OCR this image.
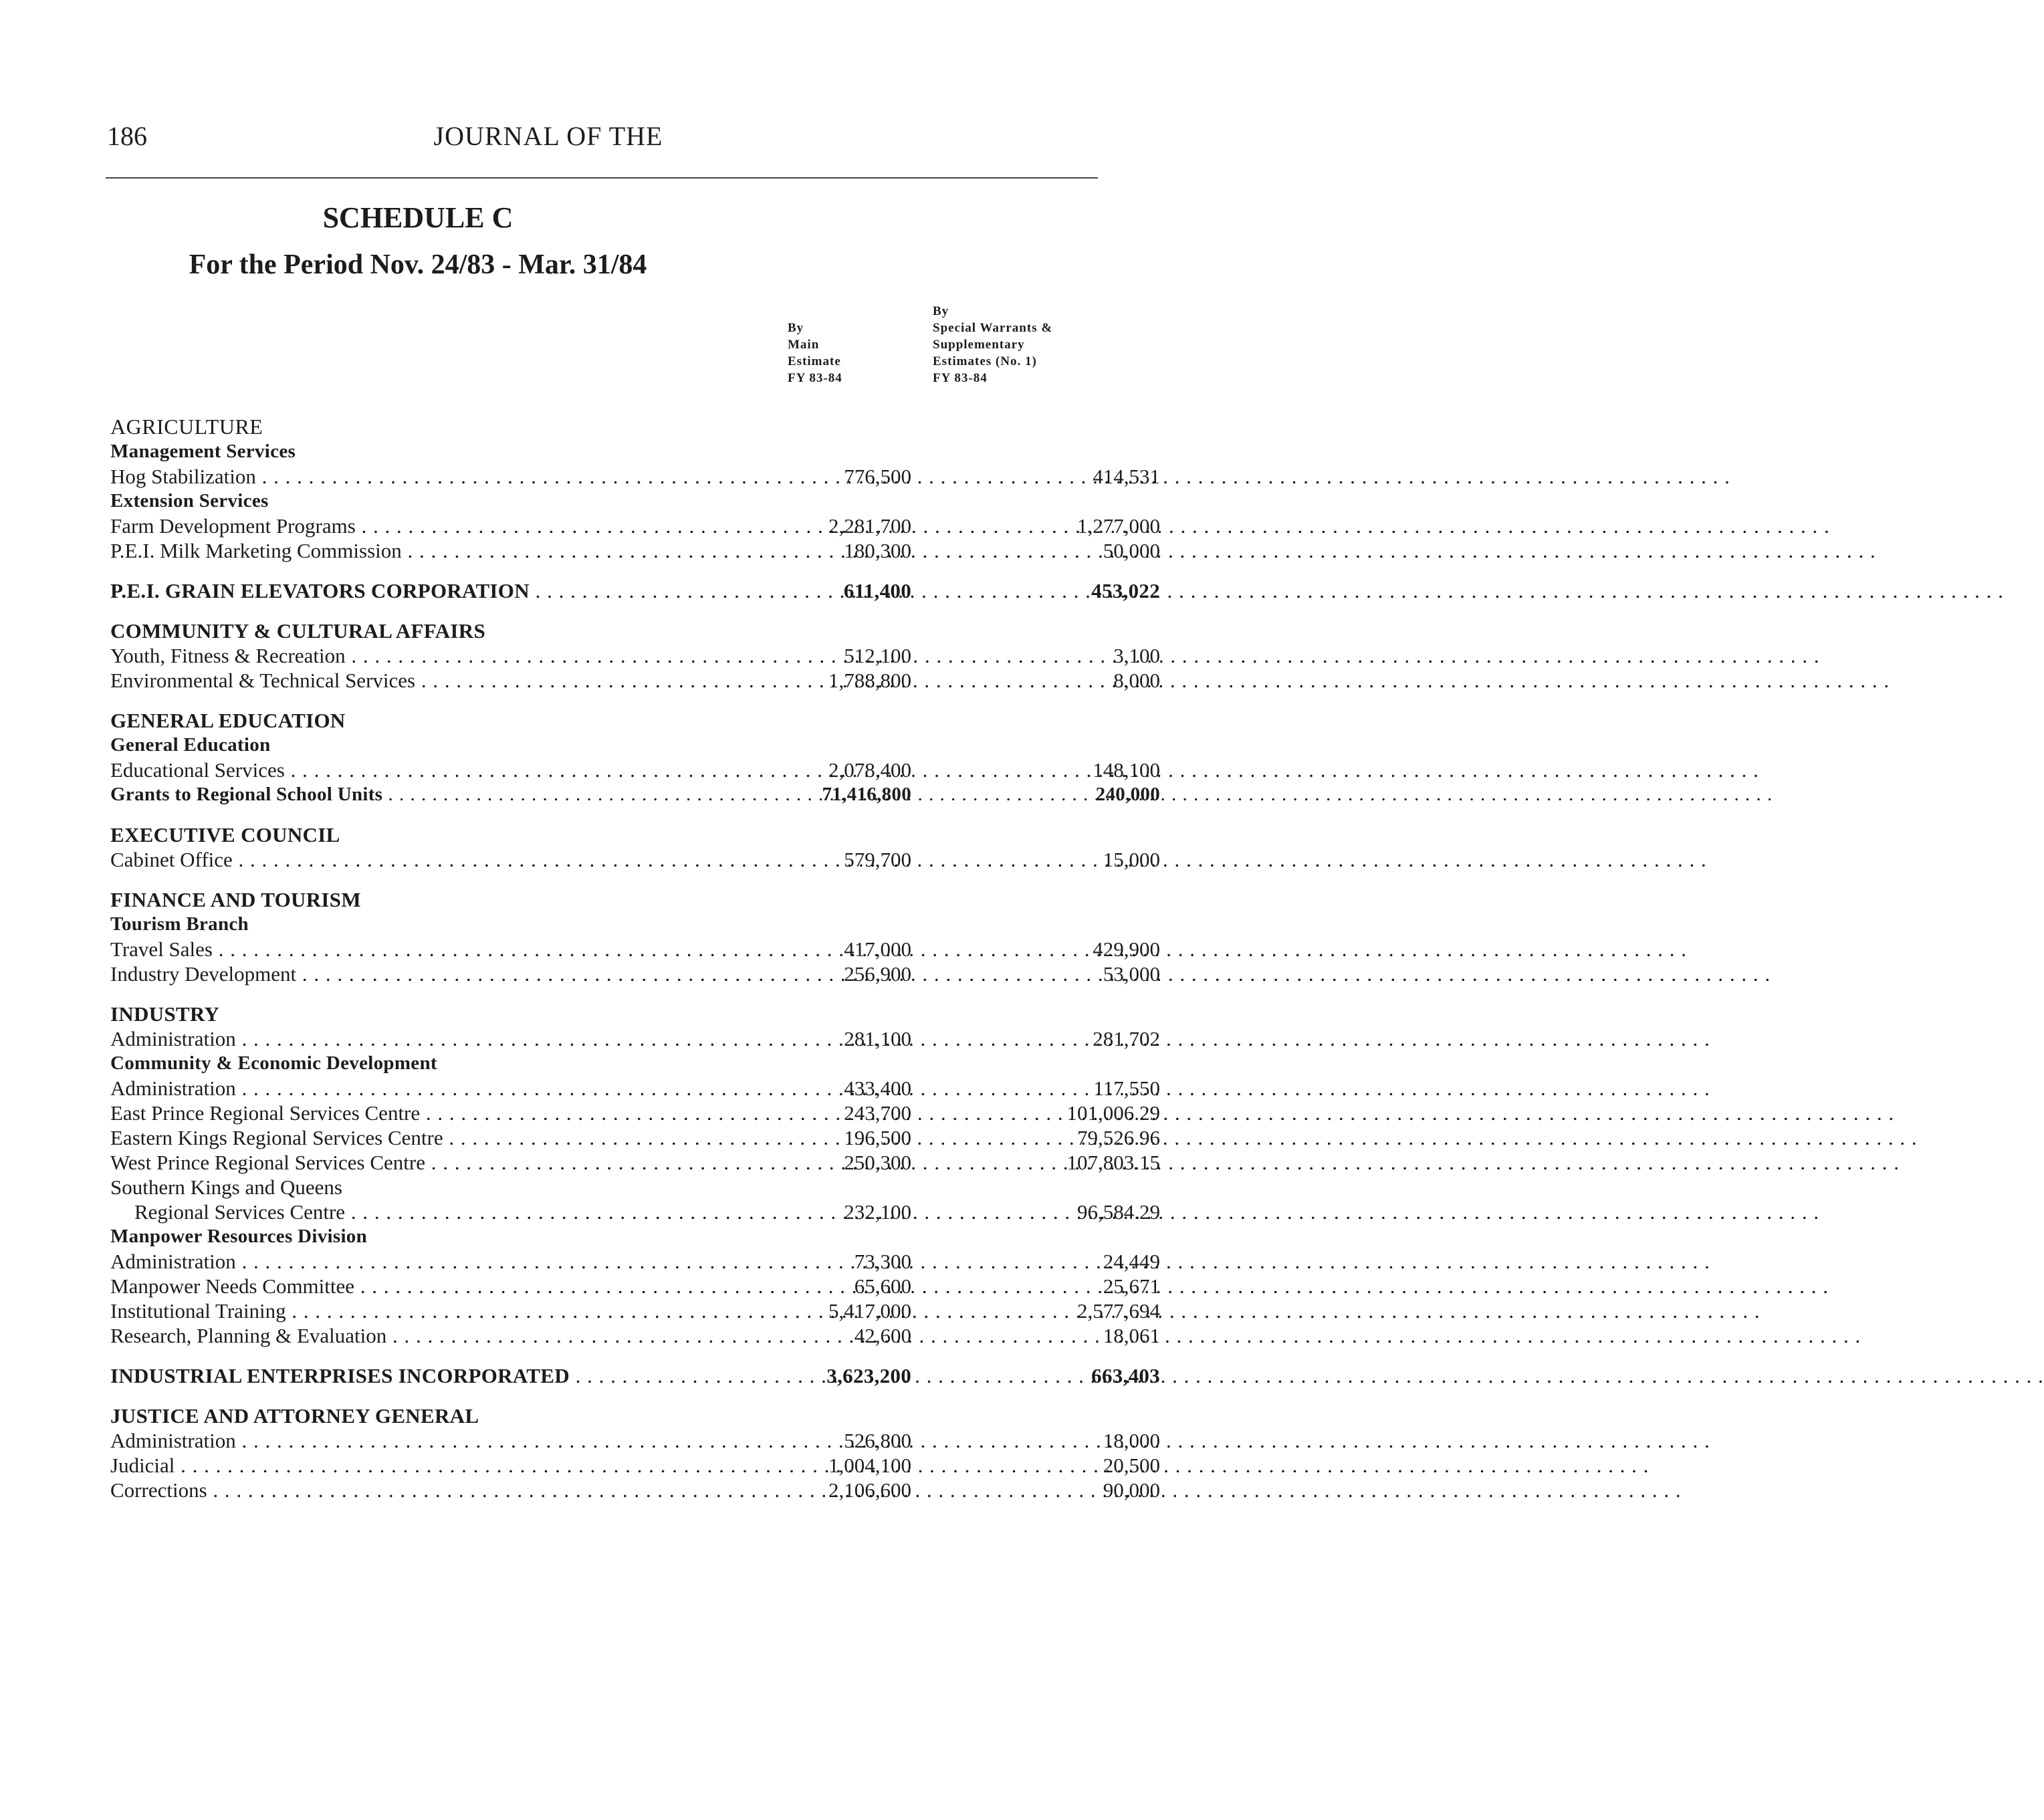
186	JOURNAL OF THE
SCHEDULE C
For the Period Nov. 24/83 - Mar. 31/84
By
Main
Estimate
FY 83-84
By
Special Warrants &
Supplementary
Estimates (No. 1)
FY 83-84
AGRICULTURE
Management Services
Hog Stabilization . . .	776,500	414,531
Extension Services
Farm Development Programs . . .	2,281,700	1,277,000
P.E.I. Milk Marketing Commission . . .	180,300	50,000
P.E.I. GRAIN ELEVATORS CORPORATION . . .	611,400	453,022
COMMUNITY & CULTURAL AFFAIRS
Youth, Fitness & Recreation . . .	512,100	3,100
Environmental & Technical Services . . .	1,788,800	8,000
GENERAL EDUCATION
General Education
Educational Services . . .	2,078,400	148,100
Grants to Regional School Units . . .	71,416,800	240,000
EXECUTIVE COUNCIL
Cabinet Office . . .	579,700	15,000
FINANCE AND TOURISM
Tourism Branch
Travel Sales . . .	417,000	429,900
Industry Development . . .	256,900	53,000
INDUSTRY
Administration . . .	281,100	281,702
Community & Economic Development
Administration . . .	433,400	117,550
East Prince Regional Services Centre . . .	243,700	101,006.29
Eastern Kings Regional Services Centre . . .	196,500	79,526.96
West Prince Regional Services Centre . . .	250,300	107,803.15
Southern Kings and Queens
Regional Services Centre . . .	232,100	96,584.29
Manpower Resources Division
Administration . . .	73,300	24,449
Manpower Needs Committee . . .	65,600	25,671
Institutional Training . . .	5,417,000	2,577,694
Research, Planning & Evaluation . . .	42,600	18,061
INDUSTRIAL ENTERPRISES INCORPORATED . . .	3,623,200	663,403
JUSTICE AND ATTORNEY GENERAL
Administration . . .	526,800	18,000
Judicial . . .	1,004,100	20,500
Corrections . . .	2,106,600	90,000
